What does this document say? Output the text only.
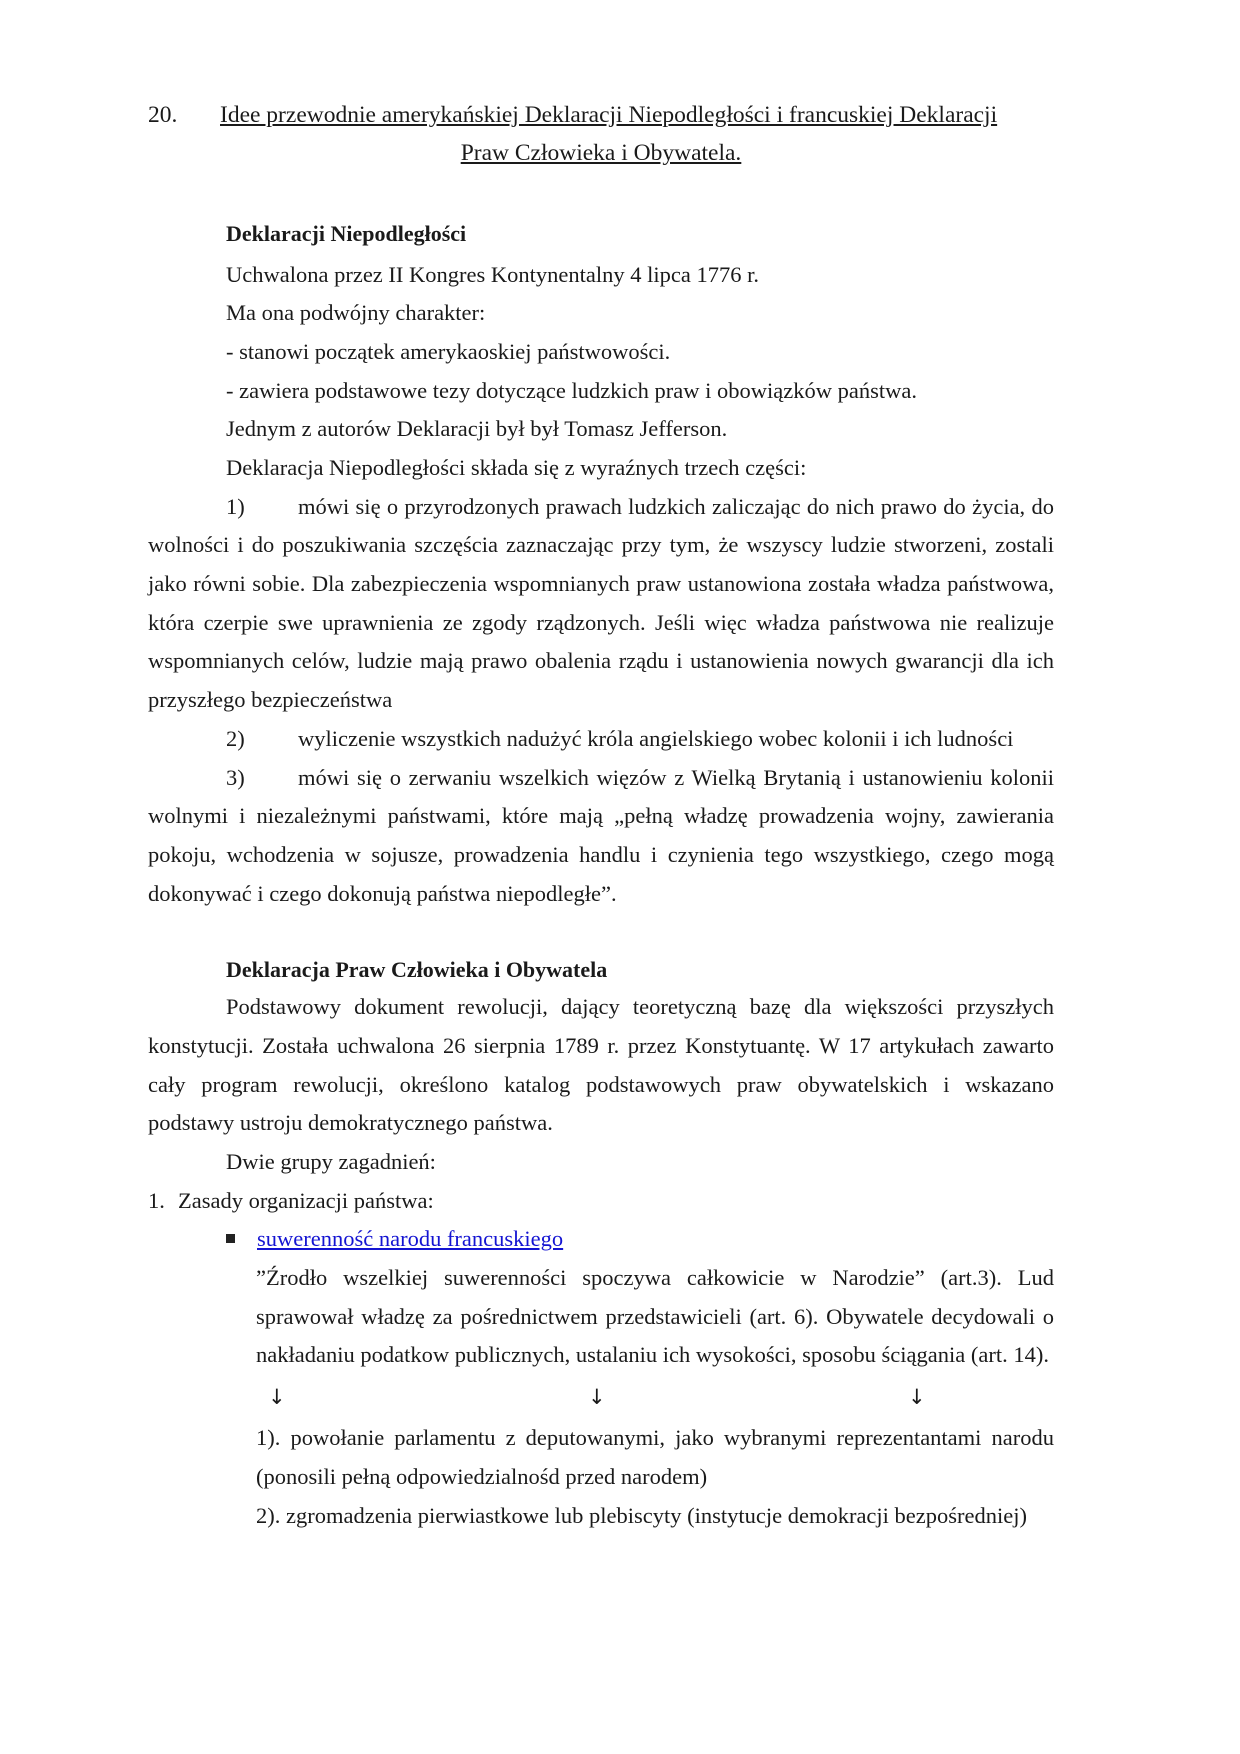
20. Idee przewodnie amerykańskiej Deklaracji Niepodległości i francuskiej Deklaracji
Praw Człowieka i Obywatela.
Deklaracji Niepodległości

Uchwalona przez II Kongres Kontynentalny 4 lipca 1776 r.

Ma ona podwójny charakter:

- stanowi początek amerykaoskiej państwowości.

- zawiera podstawowe tezy dotyczące ludzkich praw i obowiązków państwa.

Jednym z autorów Deklaracji był był Tomasz Jefferson.

Deklaracja Niepodległości składa się z wyraźnych trzech części:

1) mówi się o przyrodzonych prawach ludzkich zaliczając do nich prawo do życia, do wolności i do poszukiwania szczęścia zaznaczając przy tym, że wszyscy ludzie stworzeni, zostali jako równi sobie. Dla zabezpieczenia wspomnianych praw ustanowiona została władza państwowa, która czerpie swe uprawnienia ze zgody rządzonych. Jeśli więc władza państwowa nie realizuje wspomnianych celów, ludzie mają prawo obalenia rządu i ustanowienia nowych gwarancji dla ich przyszłego bezpieczeństwa

2) wyliczenie wszystkich nadużyć króla angielskiego wobec kolonii i ich ludności

3) mówi się o zerwaniu wszelkich więzów z Wielką Brytanią i ustanowieniu kolonii wolnymi i niezależnymi państwami, które mają „pełną władzę prowadzenia wojny, zawierania pokoju, wchodzenia w sojusze, prowadzenia handlu i czynienia tego wszystkiego, czego mogą dokonywać i czego dokonują państwa niepodległe”.

Deklaracja Praw Człowieka i Obywatela

Podstawowy dokument rewolucji, dający teoretyczną bazę dla większości przyszłych konstytucji. Została uchwalona 26 sierpnia 1789 r. przez Konstytuantę. W 17 artykułach zawarto cały program rewolucji, określono katalog podstawowych praw obywatelskich i wskazano podstawy ustroju demokratycznego państwa.

Dwie grupy zagadnień:

1. Zasady organizacji państwa:

suwerenność narodu francuskiego

”Źrodło wszelkiej suwerenności spoczywa całkowicie w Narodzie” (art.3). Lud sprawował władzę za pośrednictwem przedstawicieli (art. 6). Obywatele decydowali o nakładaniu podatkow publicznych, ustalaniu ich wysokości, sposobu ściągania (art. 14).

↓	↓	↓

1). powołanie parlamentu z deputowanymi, jako wybranymi reprezentantami narodu (ponosili pełną odpowiedzialnośd przed narodem)

2). zgromadzenia pierwiastkowe lub plebiscyty (instytucje demokracji bezpośredniej)
